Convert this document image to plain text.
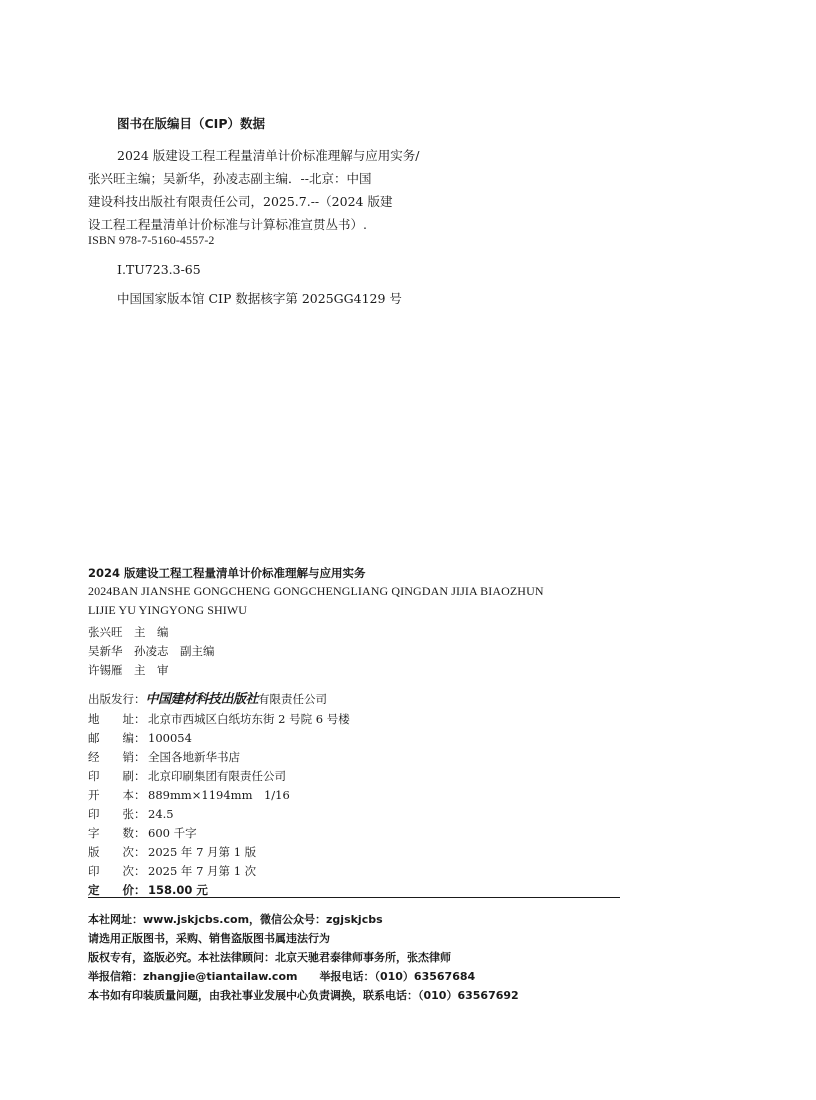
图书在版编目（CIP）数据
2024 版建设工程工程量清单计价标准理解与应用实务/
张兴旺主编；吴新华，孙凌志副主编．--北京：中国
建设科技出版社有限责任公司，2025.7.--（2024 版建
设工程工程量清单计价标准与计算标准宣贯丛书）.
ISBN 978-7-5160-4557-2
Ⅰ.TU723.3-65
中国国家版本馆 CIP 数据核字第 2025GG4129 号
2024 版建设工程工程量清单计价标准理解与应用实务
2024BAN JIANSHE GONGCHENG GONGCHENGLIANG QINGDAN JIJIA BIAOZHUN
LIJIE YU YINGYONG SHIWU
张兴旺　主　编
吴新华　孙凌志　副主编
许锡雁　主　审
出版发行：中国建材科技出版社有限责任公司
地　　址： 北京市西城区白纸坊东街 2 号院 6 号楼
邮　　编： 100054
经　　销： 全国各地新华书店
印　　刷： 北京印刷集团有限责任公司
开　　本： 889mm×1194mm　1/16
印　　张： 24.5
字　　数： 600 千字
版　　次： 2025 年 7 月第 1 版
印　　次： 2025 年 7 月第 1 次
定　　价： 158.00 元
本社网址：www.jskjcbs.com，微信公众号：zgjskjcbs
请选用正版图书，采购、销售盗版图书属违法行为
版权专有，盗版必究。本社法律顾问：北京天驰君泰律师事务所，张杰律师
举报信箱：zhangjie@tiantailaw.com　　举报电话：（010）63567684
本书如有印装质量问题，由我社事业发展中心负责调换，联系电话：（010）63567692
